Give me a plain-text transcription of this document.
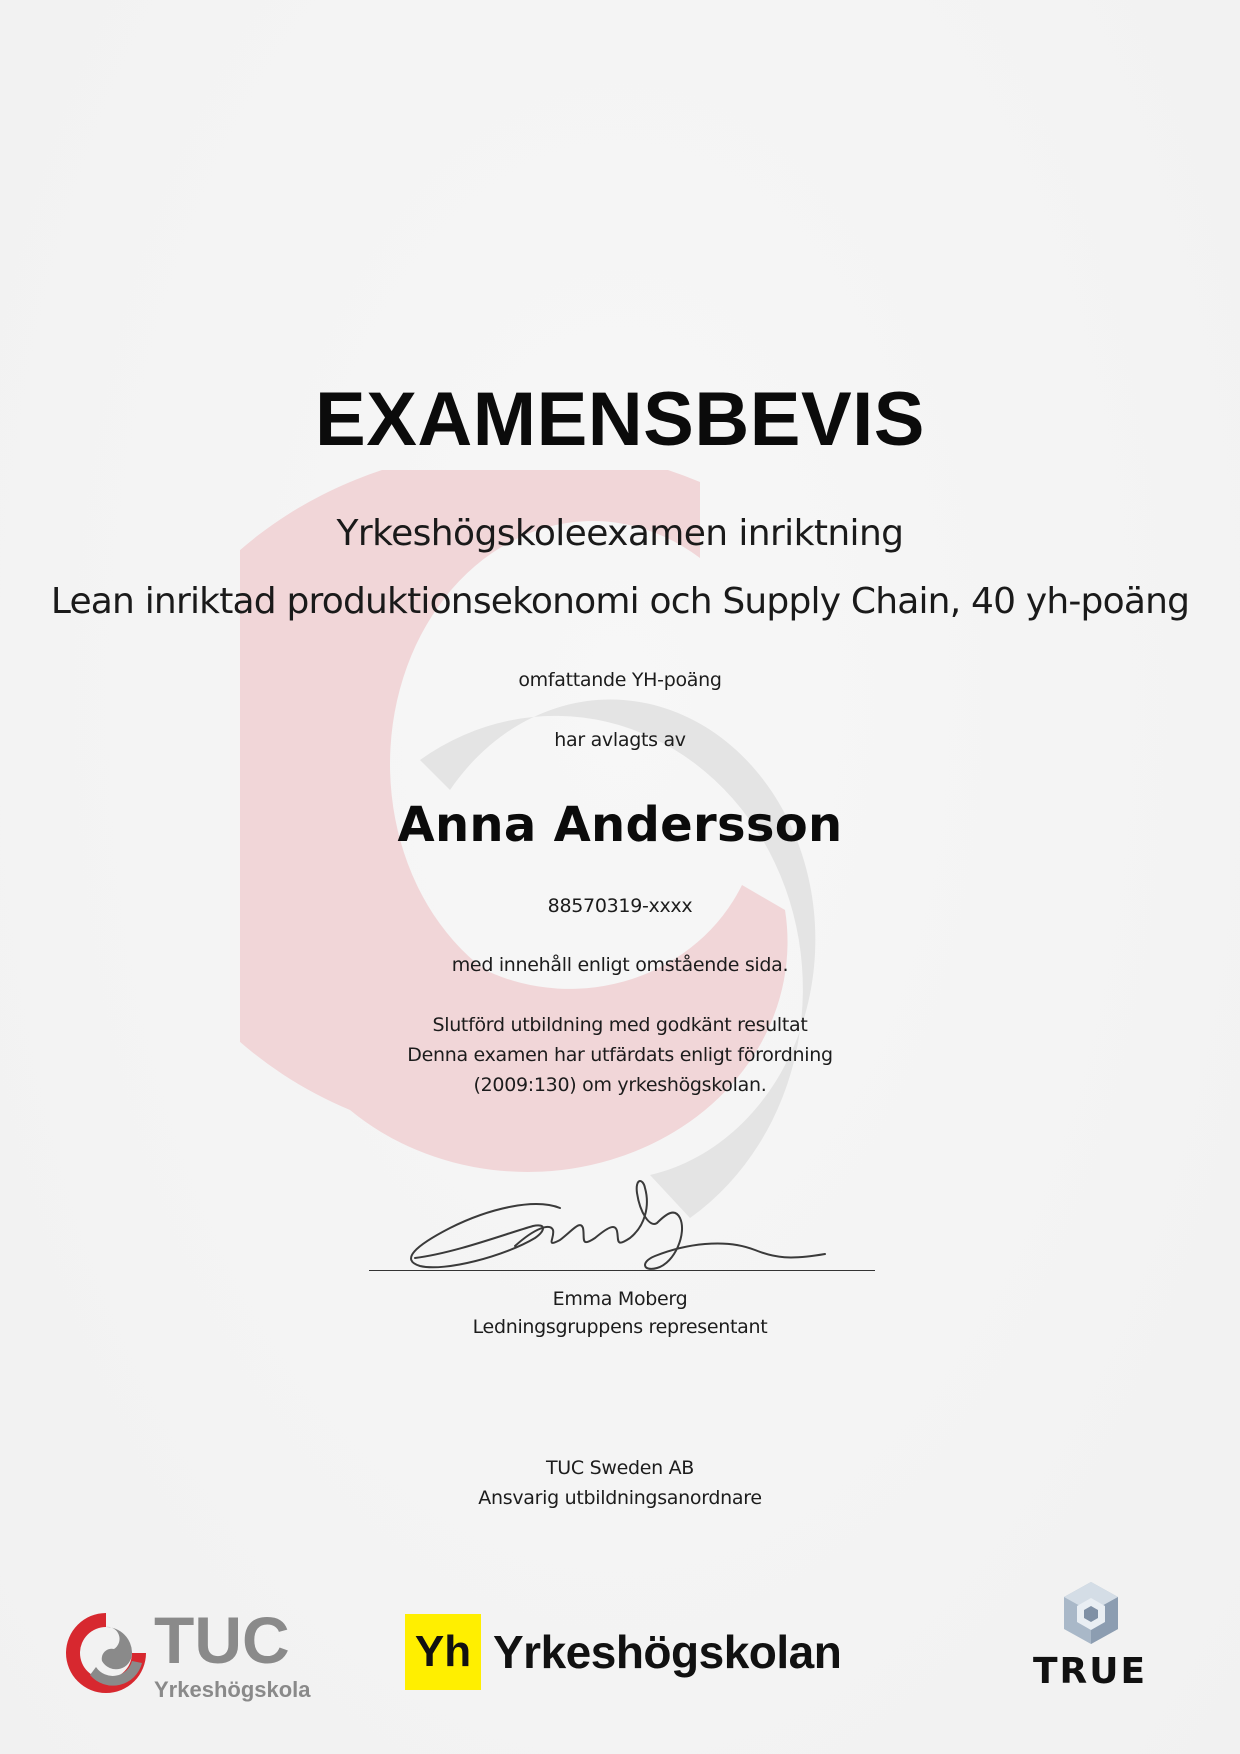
EXAMENSBEVIS
Yrkeshögskoleexamen inriktning
Lean inriktad produktionsekonomi och Supply Chain, 40 yh-poäng
omfattande YH-poäng
har avlagts av
Anna Andersson
88570319-xxxx
med innehåll enligt omstående sida.
Slutförd utbildning med godkänt resultat
Denna examen har utfärdats enligt förordning
(2009:130) om yrkeshögskolan.
Emma Moberg
Ledningsgruppens representant
TUC Sweden AB
Ansvarig utbildningsanordnare
TUC
Yrkeshögskola
Yh Yrkeshögskolan	TRUE
